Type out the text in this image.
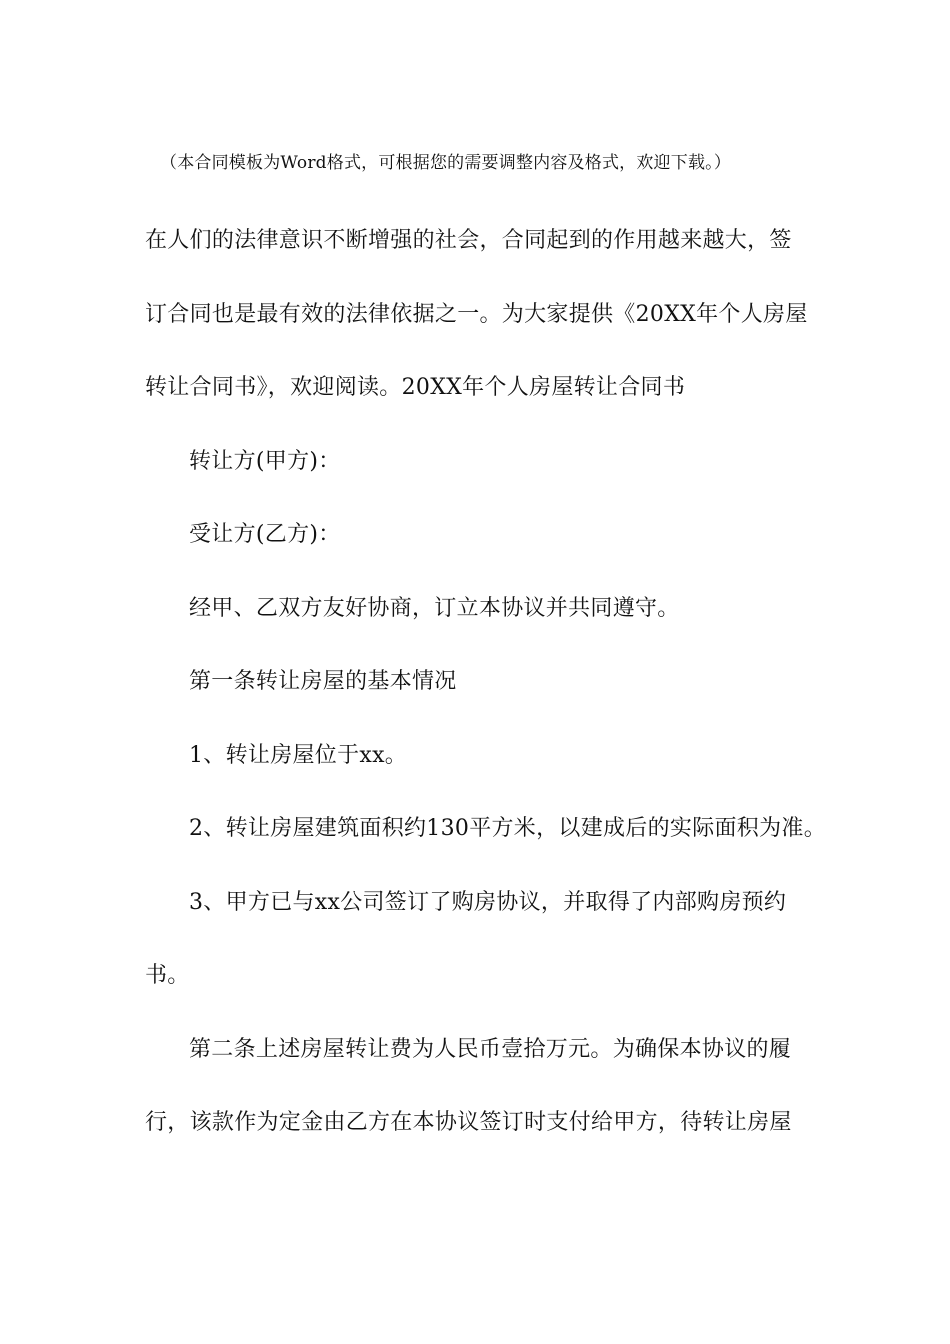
（本合同模板为Word格式，可根据您的需要调整内容及格式，欢迎下载。）
在人们的法律意识不断增强的社会，合同起到的作用越来越大，签
订合同也是最有效的法律依据之一。为大家提供《20XX年个人房屋
转让合同书》，欢迎阅读。20XX年个人房屋转让合同书
转让方(甲方)：
受让方(乙方)：
经甲、乙双方友好协商，订立本协议并共同遵守。
第一条转让房屋的基本情况
1、转让房屋位于xx。
2、转让房屋建筑面积约130平方米，以建成后的实际面积为准。
3、甲方已与xx公司签订了购房协议，并取得了内部购房预约
书。
第二条上述房屋转让费为人民币壹拾万元。为确保本协议的履
行，该款作为定金由乙方在本协议签订时支付给甲方，待转让房屋
